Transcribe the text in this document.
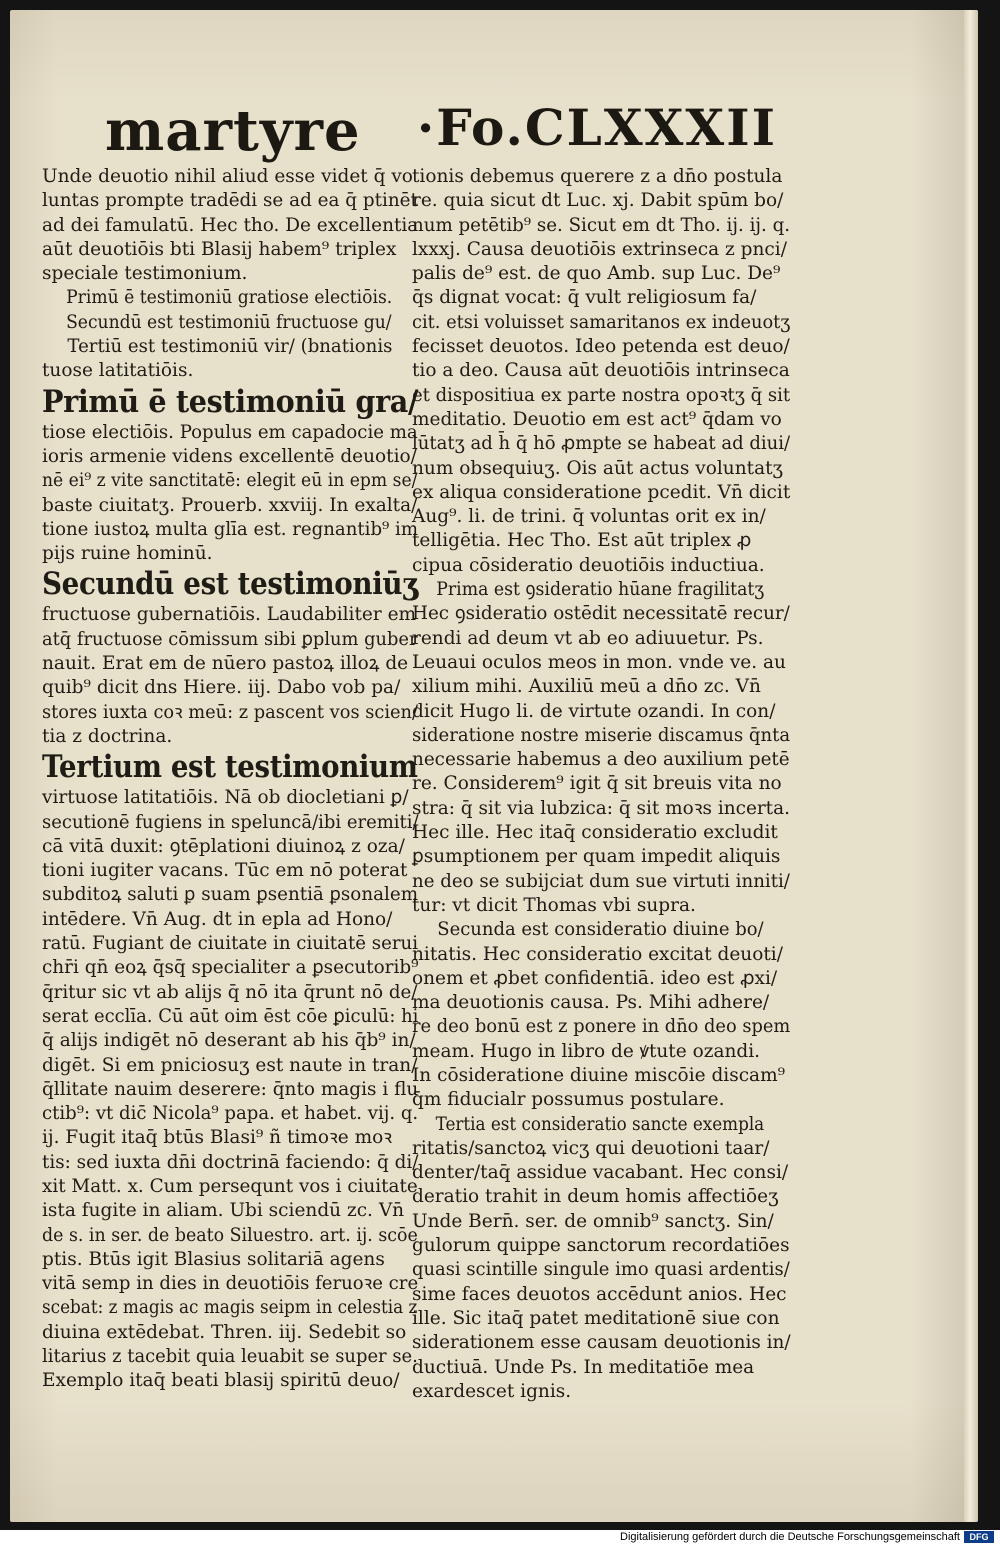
martyre ·Fo.CLXXXII

Unde deuotio nihil aliud esse videt q̄ vo

luntas prompte tradēdi se ad ea q̄ ptinēt

ad dei famulatū. Hec tho. De excellentia

aūt deuotiōis bti Blasij habem⁹ triplex

speciale testimonium.

Primū ē testimoniū gratiose electiōis.

Secundū est testimoniū fructuose gu/

Tertiū est testimoniū vir/ (bnationis

tuose latitatiōis.

Primū ē testimoniū gra/

tiose electiōis. Populus em capadocie ma

ioris armenie videns excellentē deuotio/

nē ei⁹ z vite sanctitatē: elegit eū in epm se/

baste ciuitatʒ. Prouerb. xxviij. In exalta/

tione iustoꝝ multa glīa est. regnantib⁹ im

pijs ruine hominū.

Secundū est testimoniūʒ

fructuose gubernatiōis. Laudabiliter em

atq̄ fructuose cōmissum sibi ꝑplum guber

nauit. Erat em de nūero pastoꝝ illoꝝ de

quib⁹ dicit dns Hiere. iij. Dabo vob pa/

stores iuxta coꝛ meū: z pascent vos scien/

tia z doctrina.

Tertium est testimonium

virtuose latitatiōis. Nā ob diocletiani ꝑ/

secutionē fugiens in speluncā/ibi eremiti/

cā vitā duxit: ꝯtēplationi diuinoꝝ z oza/

tioni iugiter vacans. Tūc em nō poterat

subditoꝝ saluti ꝑ suam ꝑsentiā ꝑsonalem

intēdere. Vn̄ Aug. dt in epla ad Hono/

ratū. Fugiant de ciuitate in ciuitatē serui

chr̄i qn̄ eoꝝ q̄sq̄ specialiter a ꝑsecutorib⁹

q̄ritur sic vt ab alijs q̄ nō ita q̄runt nō de/

serat ecclīa. Cū aūt oim ēst cōe ꝑiculū: hi

q̄ alijs indigēt nō deserant ab his q̄b⁹ in/

digēt. Si em pniciosuʒ est naute in tran/

q̄llitate nauim deserere: q̄nto magis i flu

ctib⁹: vt dic̄ Nicola⁹ papa. et habet. vij. q.

ij. Fugit itaq̄ btūs Blasi⁹ ñ timoꝛe moꝛ

tis: sed iuxta dn̄i doctrinā faciendo: q̄ di/

xit Matt. x. Cum persequnt vos i ciuitate

ista fugite in aliam. Ubi sciendū zc. Vn̄

de s. in ser. de beato Siluestro. art. ij. scōe

ptis. Btūs igit Blasius solitariā agens

vitā semp in dies in deuotiōis feruoꝛe cre

scebat: z magis ac magis seipm in celestia z

diuina extēdebat. Thren. iij. Sedebit so

litarius z tacebit quia leuabit se super se.

Exemplo itaq̄ beati blasij spiritū deuo/

tionis debemus querere z a dn̄o postula

re. quia sicut dt Luc. xj. Dabit spūm bo/

num petētib⁹ se. Sicut em dt Tho. ij. ij. q.

lxxxj. Causa deuotiōis extrinseca z pnci/

palis de⁹ est. de quo Amb. sup Luc. De⁹

q̄s dignat vocat: q̄ vult religiosum fa/

cit. etsi voluisset samaritanos ex indeuotʒ

fecisset deuotos. Ideo petenda est deuo/

tio a deo. Causa aūt deuotiōis intrinseca

et dispositiua ex parte nostra opoꝛtʒ q̄ sit

meditatio. Deuotio em est act⁹ q̄dam vo

lūtatʒ ad h̄ q̄ hō ꝓmpte se habeat ad diui/

num obsequiuʒ. Ois aūt actus voluntatʒ

ex aliqua consideratione pcedit. Vn̄ dicit

Aug⁹. li. de trini. q̄ voluntas orit ex in/

telligētia. Hec Tho. Est aūt triplex ꝓ

cipua cōsideratio deuotiōis inductiua.

Prima est ꝯsideratio hūane fragilitatʒ

Hec ꝯsideratio ostēdit necessitatē recur/

rendi ad deum vt ab eo adiuuetur. Ps.

Leuaui oculos meos in mon. vnde ve. au

xilium mihi. Auxiliū meū a dn̄o zc. Vn̄

dicit Hugo li. de virtute ozandi. In con/

sideratione nostre miserie discamus q̄nta

necessarie habemus a deo auxilium petē

re. Considerem⁹ igit q̄ sit breuis vita no

stra: q̄ sit via lubzica: q̄ sit moꝛs incerta.

Hec ille. Hec itaq̄ consideratio excludit

ꝑsumptionem per quam impedit aliquis

ne deo se subijciat dum sue virtuti inniti/

tur: vt dicit Thomas vbi supra.

Secunda est consideratio diuine bo/

nitatis. Hec consideratio excitat deuoti/

onem et ꝓbet confidentiā. ideo est ꝓxi/

ma deuotionis causa. Ps. Mihi adhere/

re deo bonū est z ponere in dn̄o deo spem

meam. Hugo in libro de ꝟtute ozandi.

In cōsideratione diuine miscōie discam⁹

q̄m fiducialr possumus postulare.

Tertia est consideratio sancte exempla

ritatis/sanctoꝝ vicʒ qui deuotioni taar/

denter/taq̄ assidue vacabant. Hec consi/

deratio trahit in deum homis affectiōeʒ

Unde Bern̄. ser. de omnib⁹ sanctʒ. Sin/

gulorum quippe sanctorum recordatiōes

quasi scintille singule imo quasi ardentis/

sime faces deuotos accēdunt anios. Hec

ille. Sic itaq̄ patet meditationē siue con

siderationem esse causam deuotionis in/

ductiuā. Unde Ps. In meditatiōe mea

exardescet ignis.

Digitalisierung gefördert durch die Deutsche Forschungsgemeinschaft	DFG
